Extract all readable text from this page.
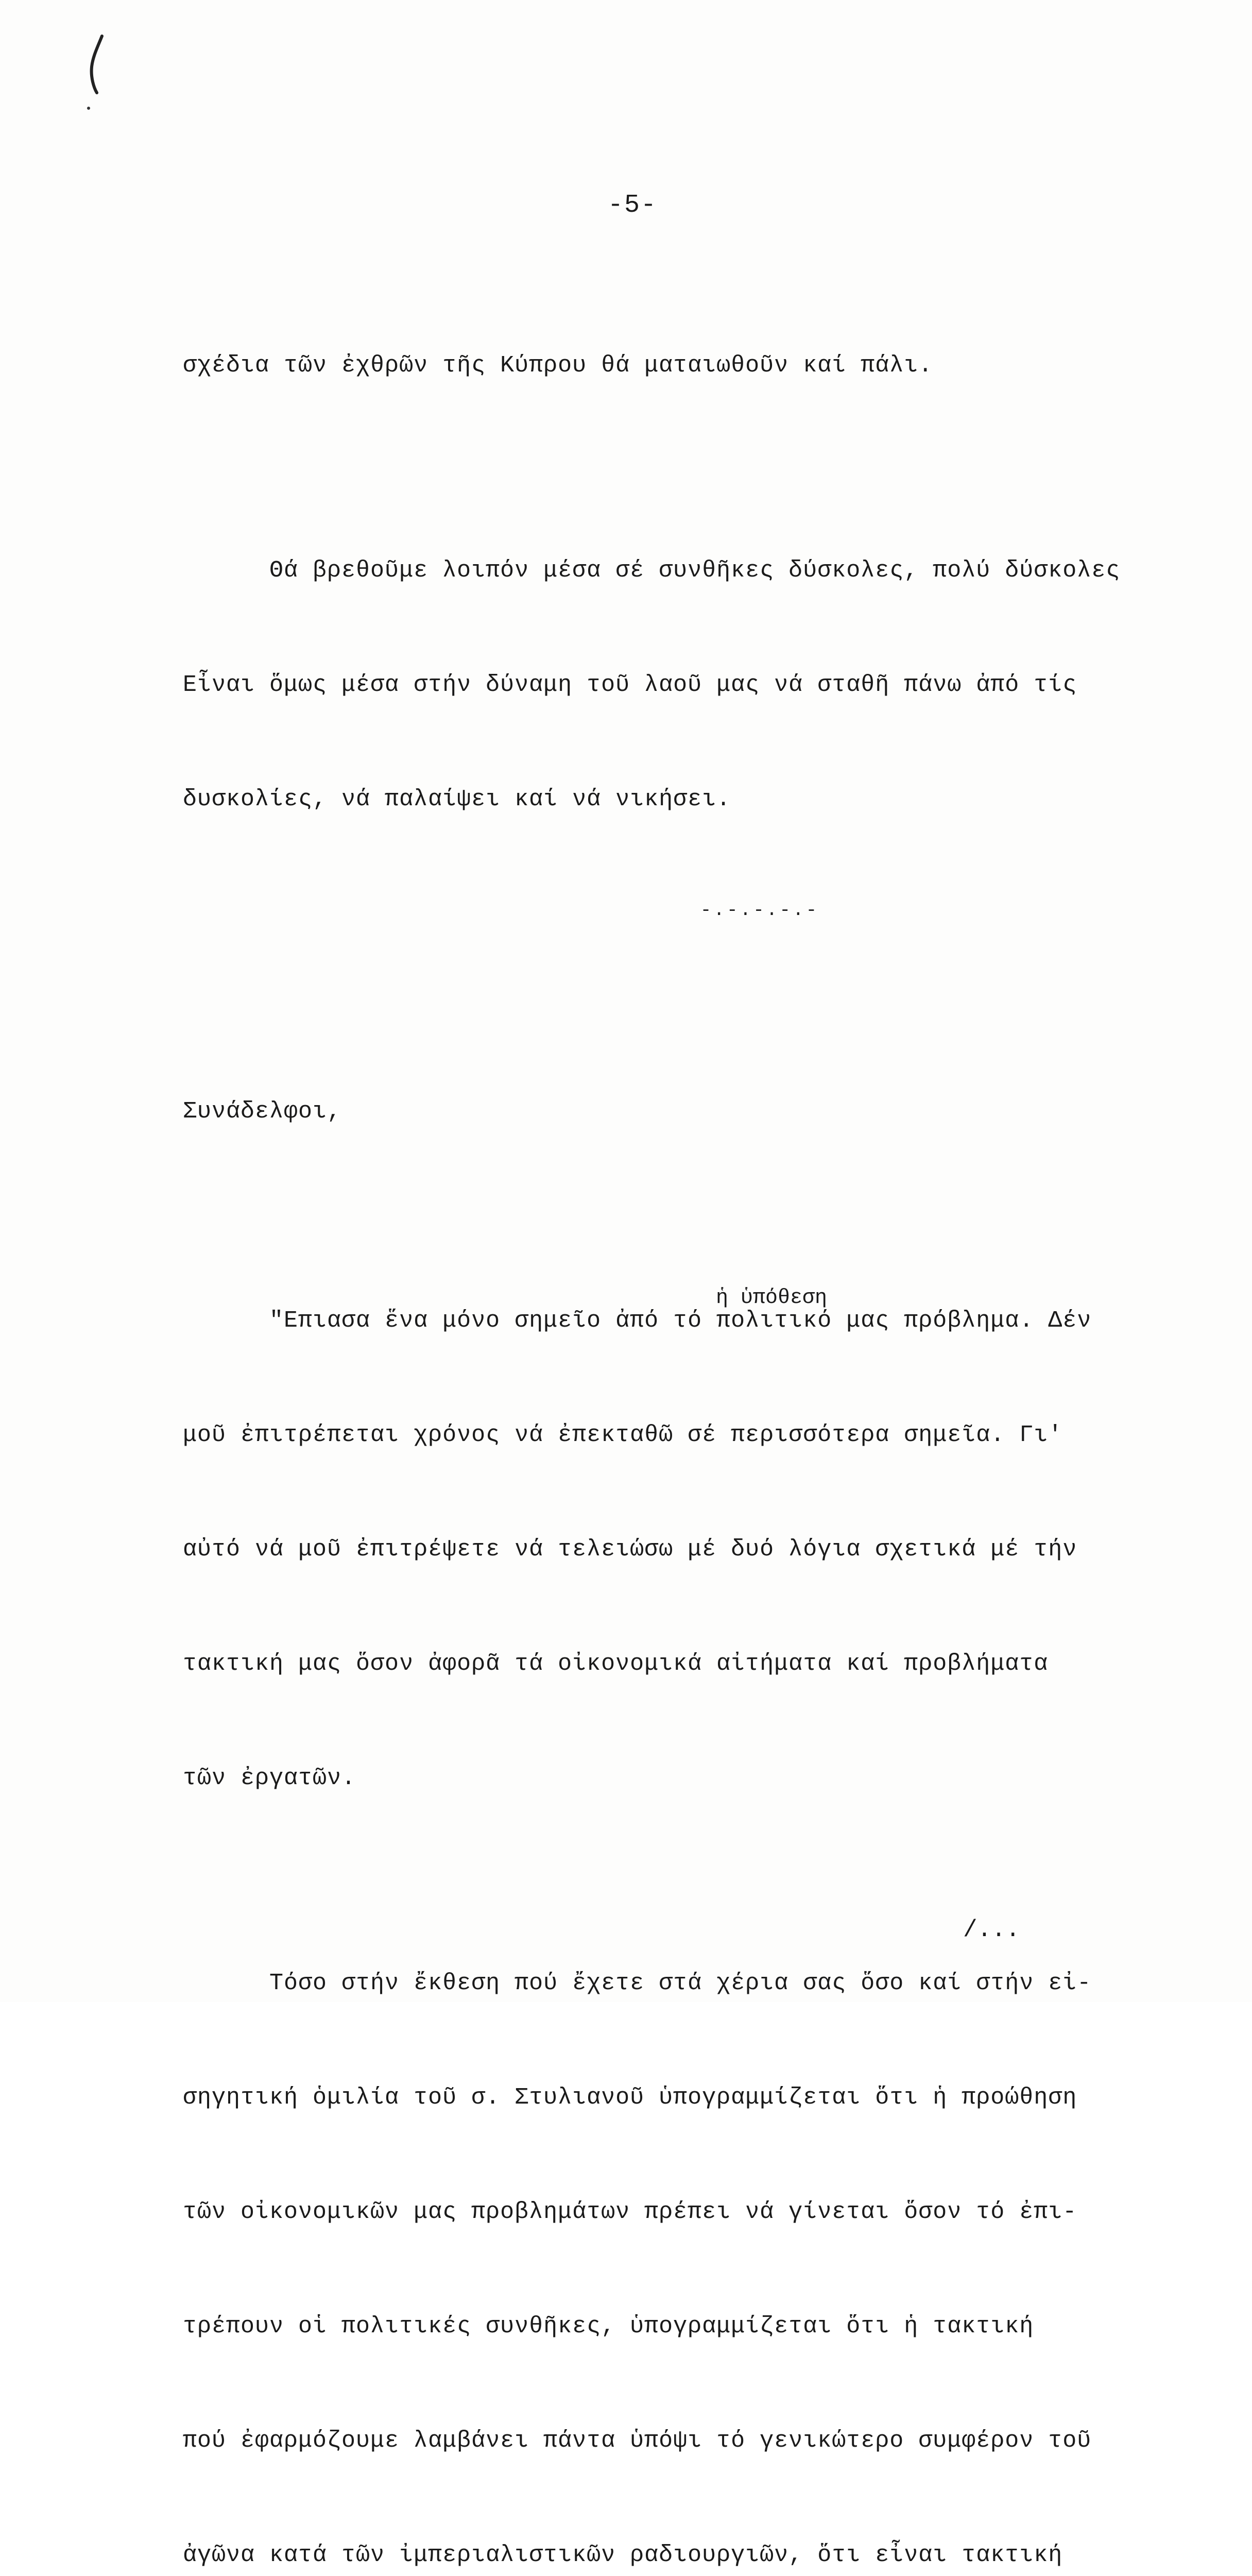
-5-

σχέδια τῶν ἐχθρῶν τῆς Κύπρου θά ματαιωθοῦν καί πάλι.

Θά βρεθοῦμε λοιπόν μέσα σέ συνθῆκες δύσκολες, πολύ δύσκολες

Εἶναι ὅμως μέσα στήν δύναμη τοῦ λαοῦ μας νά σταθῆ πάνω ἀπό τίς

δυσκολίες, νά παλαίψει καί νά νικήσει.

-.-.-.-.-

Συνάδελφοι,

"Επιασα ἕνα μόνο σημεῖο ἀπό τό πολιτικό μας πρόβλημα. Δέν

μοῦ ἐπιτρέπεται χρόνος νά ἐπεκταθῶ σέ περισσότερα σημεῖα. Γι'

αὐτό νά μοῦ ἐπιτρέψετε νά τελειώσω μέ δυό λόγια σχετικά μέ τήν

τακτική μας ὅσον ἀφορᾶ τά οἰκονομικά αἰτήματα καί προβλήματα

τῶν ἐργατῶν.

Τόσο στήν ἔκθεση πού ἔχετε στά χέρια σας ὅσο καί στήν εἰ-

σηγητική ὁμιλία τοῦ σ. Στυλιανοῦ ὑπογραμμίζεται ὅτι ἡ προώθηση

τῶν οἰκονομικῶν μας προβλημάτων πρέπει νά γίνεται ὅσον τό ἐπι-

τρέπουν οἱ πολιτικές συνθῆκες, ὑπογραμμίζεται ὅτι ἡ τακτική

πού ἐφαρμόζουμε λαμβάνει πάντα ὑπόψι τό γενικώτερο συμφέρον τοῦ

ἀγῶνα κατά τῶν ἰμπεριαλιστικῶν ραδιουργιῶν, ὅτι εἶναι τακτική

ἡ ὑπόθεση
/...
